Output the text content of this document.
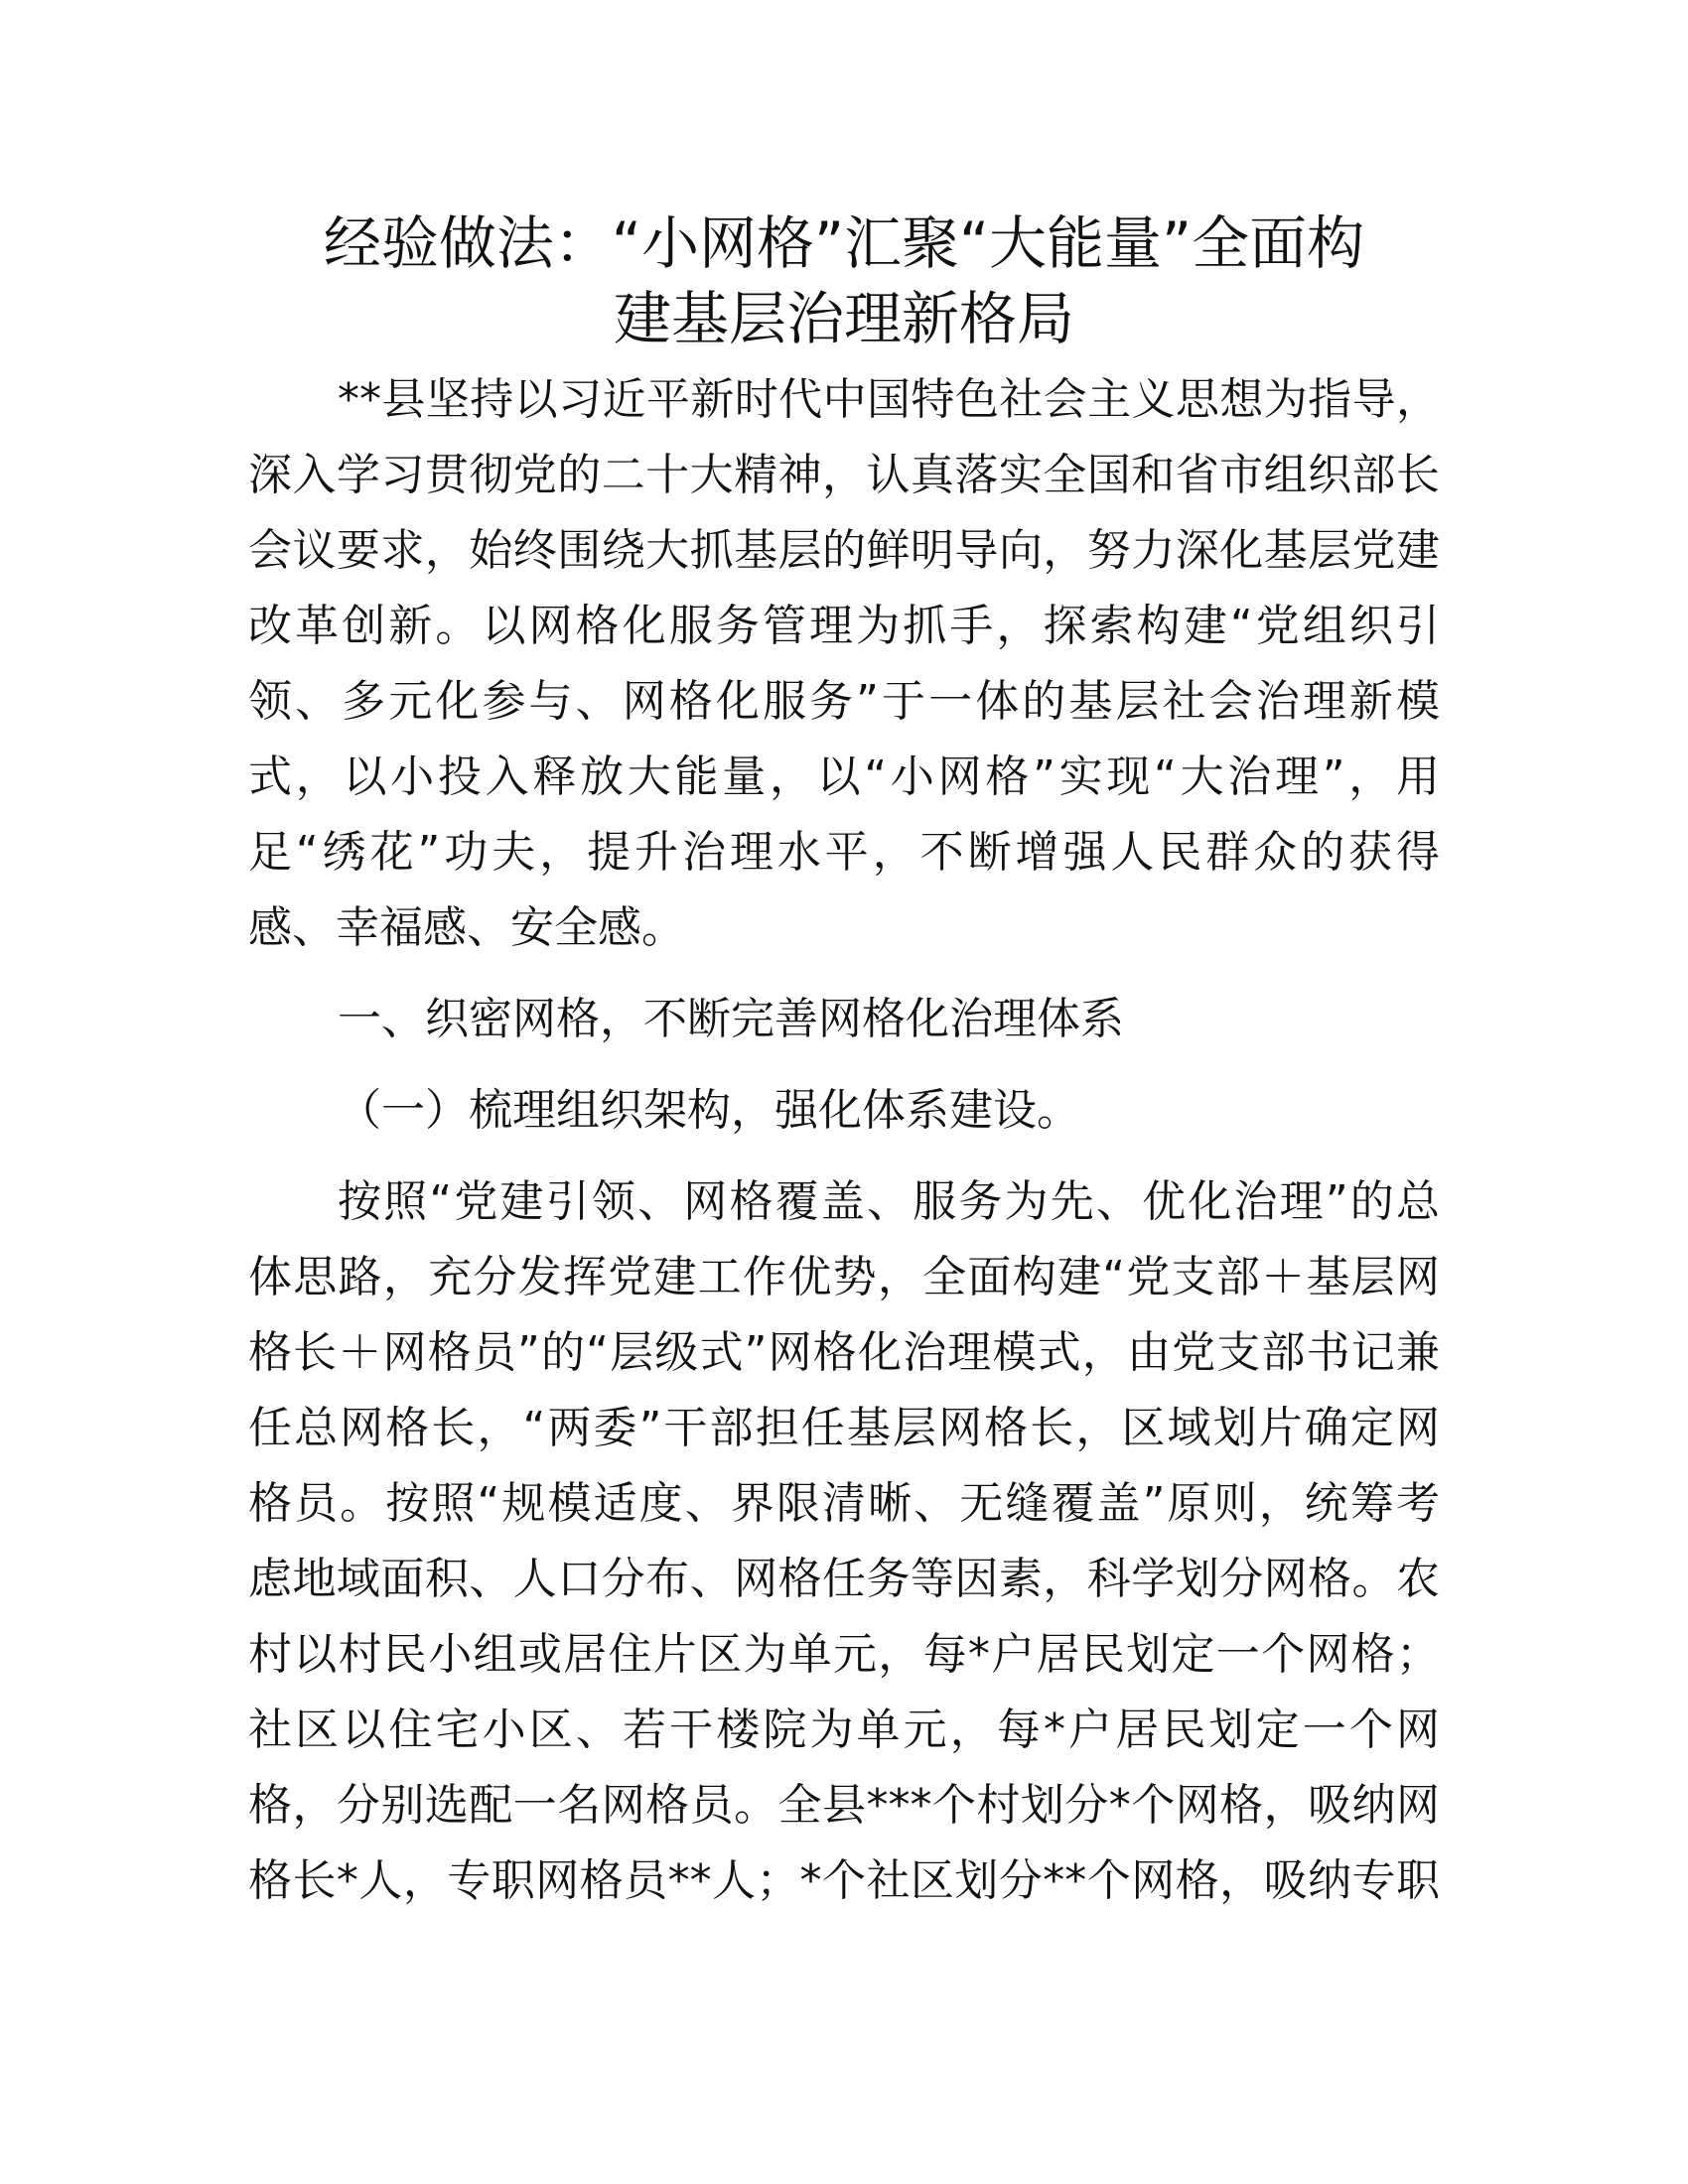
经验做法：“小网格”汇聚“大能量”全面构
建基层治理新格局
**县坚持以习近平新时代中国特色社会主义思想为指导，
深入学习贯彻党的二十大精神，认真落实全国和省市组织部长
会议要求，始终围绕大抓基层的鲜明导向，努力深化基层党建
改革创新。以网格化服务管理为抓手，探索构建“党组织引
领、多元化参与、网格化服务”于一体的基层社会治理新模
式，以小投入释放大能量，以“小网格”实现“大治理”，用
足“绣花”功夫，提升治理水平，不断增强人民群众的获得
感、幸福感、安全感。
一、织密网格，不断完善网格化治理体系
（一）梳理组织架构，强化体系建设。
按照“党建引领、网格覆盖、服务为先、优化治理”的总
体思路，充分发挥党建工作优势，全面构建“党支部＋基层网
格长＋网格员”的“层级式”网格化治理模式，由党支部书记兼
任总网格长，“两委”干部担任基层网格长，区域划片确定网
格员。按照“规模适度、界限清晰、无缝覆盖”原则，统筹考
虑地域面积、人口分布、网格任务等因素，科学划分网格。农
村以村民小组或居住片区为单元，每*户居民划定一个网格；
社区以住宅小区、若干楼院为单元，每*户居民划定一个网
格，分别选配一名网格员。全县***个村划分*个网格，吸纳网
格长*人，专职网格员**人；*个社区划分**个网格，吸纳专职
